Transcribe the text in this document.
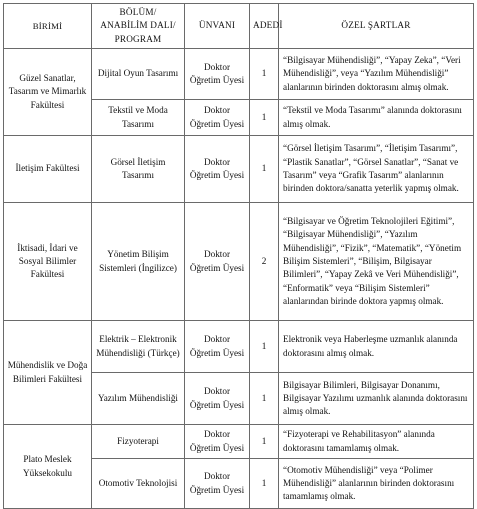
BİRİMİ	BÖLÜM/ ANABİLİM DALI/ PROGRAM	ÜNVANI	ADEDİ	ÖZEL ŞARTLAR
Güzel Sanatlar, Tasarım ve Mimarlık Fakültesi	Dijital Oyun Tasarımı	Doktor Öğretim Üyesi	1	“Bilgisayar Mühendisliği”, “Yapay Zeka”, “Veri Mühendisliği”, veya “Yazılım Mühendisliği” alanlarının birinden doktorasını almış olmak.
	Tekstil ve Moda Tasarımı	Doktor Öğretim Üyesi	1	“Tekstil ve Moda Tasarımı” alanında doktorasını almış olmak.
İletişim Fakültesi	Görsel İletişim Tasarımı	Doktor Öğretim Üyesi	1	“Görsel İletişim Tasarımı”, “İletişim Tasarımı”, “Plastik Sanatlar”, “Görsel Sanatlar”, “Sanat ve Tasarım” veya “Grafik Tasarım” alanlarının birinden doktora/sanatta yeterlik yapmış olmak.
İktisadi, İdari ve Sosyal Bilimler Fakültesi	Yönetim Bilişim Sistemleri (İngilizce)	Doktor Öğretim Üyesi	2	“Bilgisayar ve Öğretim Teknolojileri Eğitimi”, “Bilgisayar Mühendisliği”, “Yazılım Mühendisliği”, “Fizik”, “Matematik”, “Yönetim Bilişim Sistemleri”, “Bilişim, Bilgisayar Bilimleri”, “Yapay Zekâ ve Veri Mühendisliği”, “Enformatik” veya “Bilişim Sistemleri” alanlarından birinde doktora yapmış olmak.
Mühendislik ve Doğa Bilimleri Fakültesi	Elektrik – Elektronik Mühendisliği (Türkçe)	Doktor Öğretim Üyesi	1	Elektronik veya Haberleşme uzmanlık alanında doktorasını almış olmak.
	Yazılım Mühendisliği	Doktor Öğretim Üyesi	1	Bilgisayar Bilimleri, Bilgisayar Donanımı, Bilgisayar Yazılımı uzmanlık alanında doktorasını almış olmak.
Plato Meslek Yüksekokulu	Fizyoterapi	Doktor Öğretim Üyesi	1	“Fizyoterapi ve Rehabilitasyon” alanında doktorasını tamamlamış olmak.
	Otomotiv Teknolojisi	Doktor Öğretim Üyesi	1	“Otomotiv Mühendisliği” veya “Polimer Mühendisliği” alanlarının birinden doktorasını tamamlamış olmak.
